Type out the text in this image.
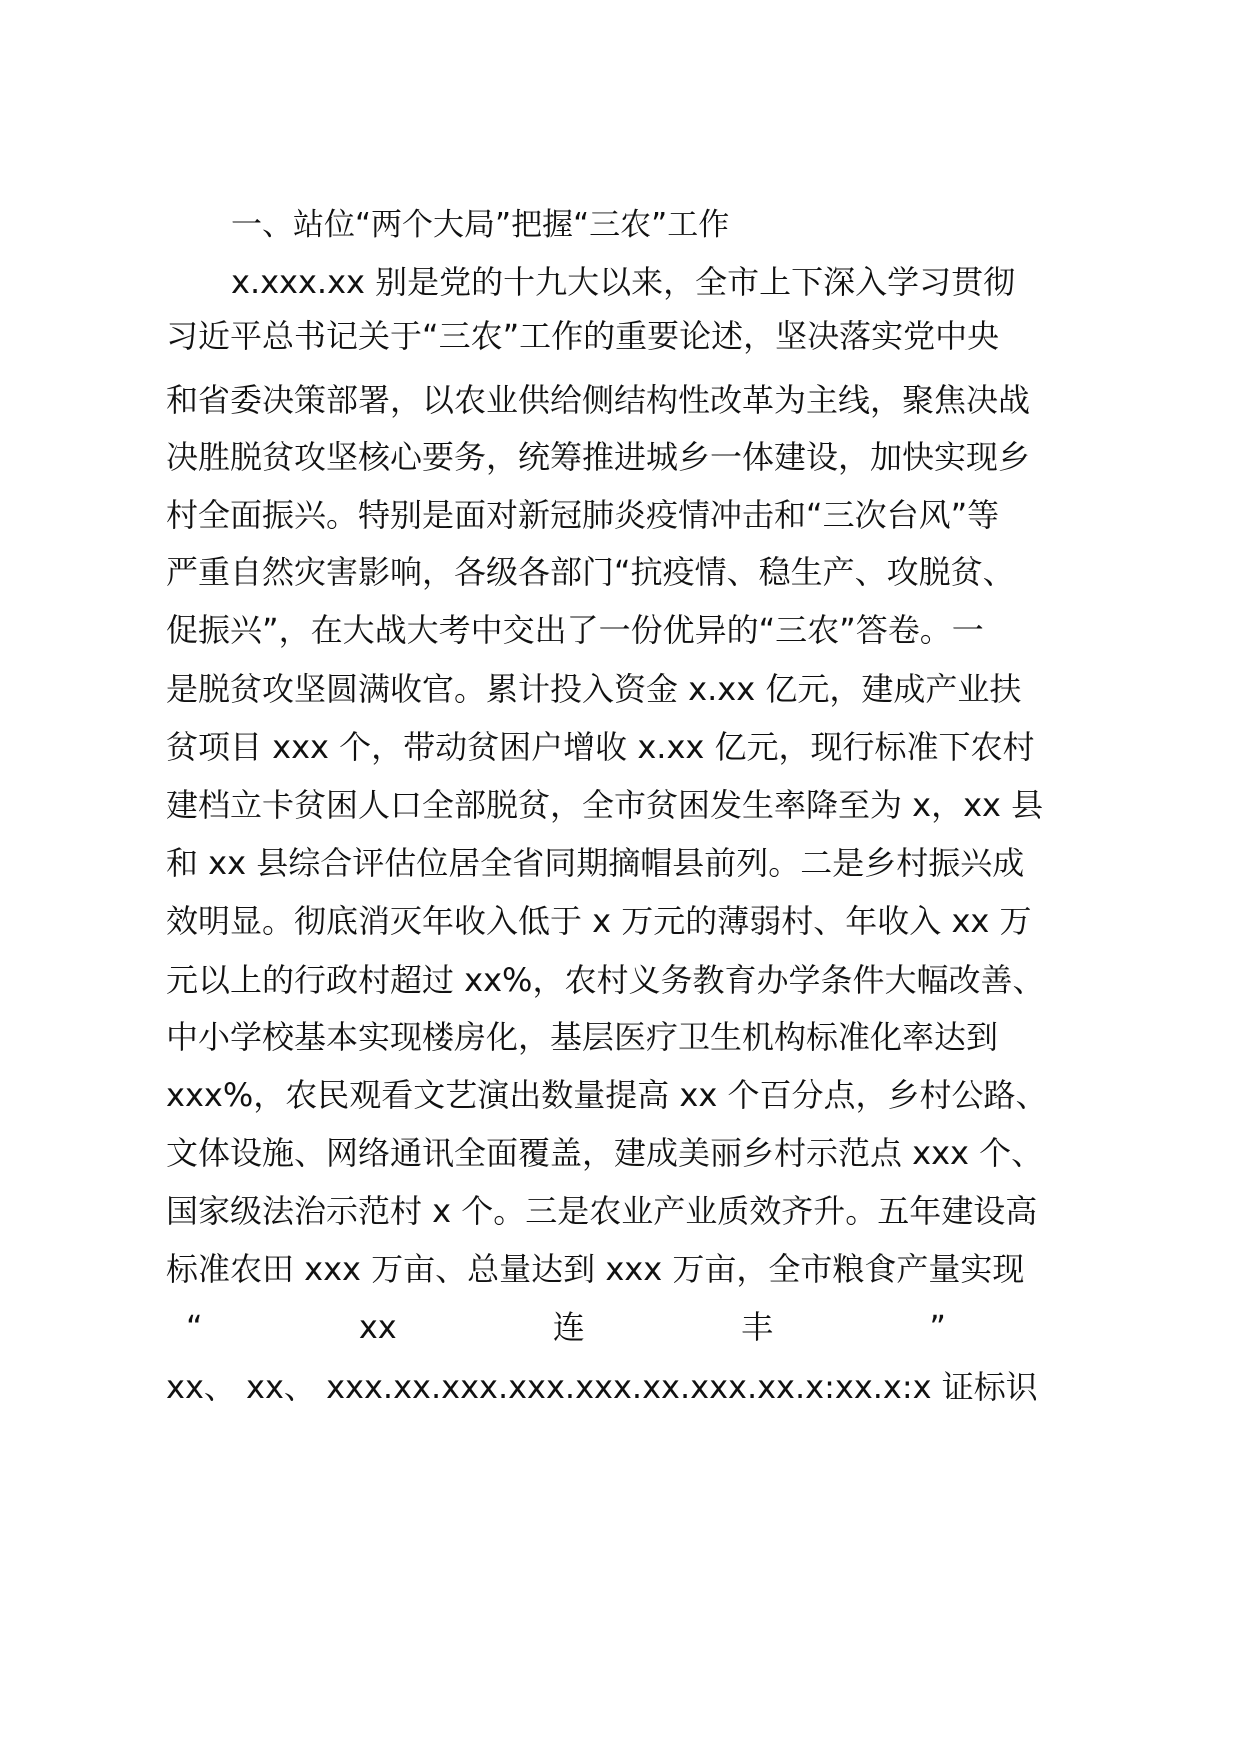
一、站位“两个大局”把握“三农”工作

x.xxx.xx 别是党的十九大以来，全市上下深入学习贯彻

习近平总书记关于“三农”工作的重要论述，坚决落实党中央

和省委决策部署，以农业供给侧结构性改革为主线，聚焦决战

决胜脱贫攻坚核心要务，统筹推进城乡一体建设，加快实现乡

村全面振兴。特别是面对新冠肺炎疫情冲击和“三次台风”等

严重自然灾害影响，各级各部门“抗疫情、稳生产、攻脱贫、

促振兴”，在大战大考中交出了一份优异的“三农”答卷。一

是脱贫攻坚圆满收官。累计投入资金 x.xx 亿元，建成产业扶

贫项目 xxx 个，带动贫困户增收 x.xx 亿元，现行标准下农村

建档立卡贫困人口全部脱贫，全市贫困发生率降至为 x，xx 县

和 xx 县综合评估位居全省同期摘帽县前列。二是乡村振兴成

效明显。彻底消灭年收入低于 x 万元的薄弱村、年收入 xx 万

元以上的行政村超过 xx%，农村义务教育办学条件大幅改善、

中小学校基本实现楼房化，基层医疗卫生机构标准化率达到

xxx%，农民观看文艺演出数量提高 xx 个百分点，乡村公路、

文体设施、网络通讯全面覆盖，建成美丽乡村示范点 xxx 个、

国家级法治示范村 x 个。三是农业产业质效齐升。五年建设高

标准农田 xxx 万亩、总量达到 xxx 万亩，全市粮食产量实现

“	xx	连	丰	”

xx、 xx、 xxx.xx.xxx.xxx.xxx.xx.xxx.xx.x:xx.x:x 证标识
